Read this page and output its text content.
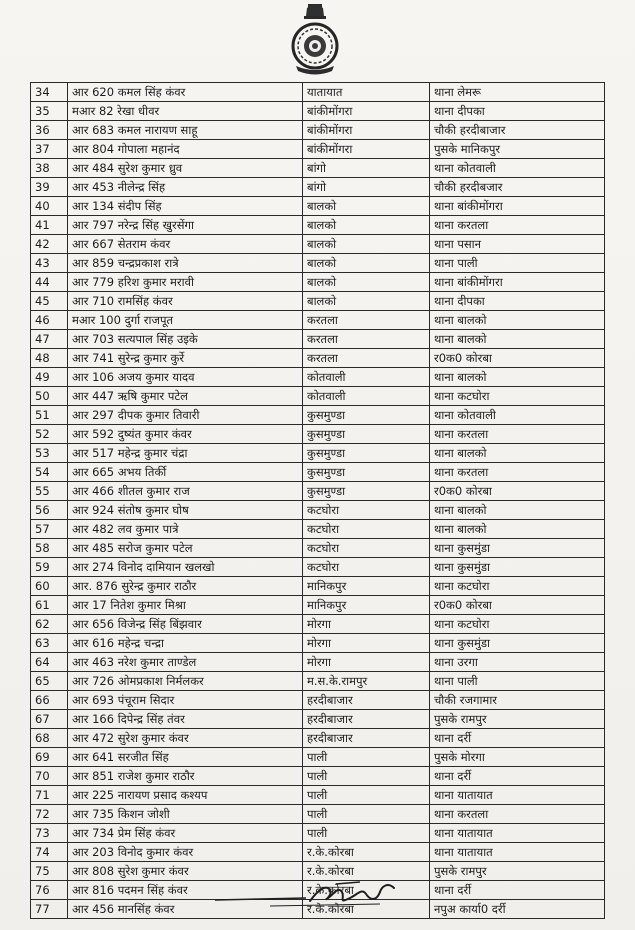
34	आर 620 कमल सिंह कंवर	यातायात	थाना लेमरू
35	मआर 82 रेखा धीवर	बांकीमोंगरा	थाना दीपका
36	आर 683 कमल नारायण साहू	बांकीमोंगरा	चौकी हरदीबाजार
37	आर 804 गोपाला महानंद	बांकीमोंगरा	पुसके मानिकपुर
38	आर 484 सुरेश कुमार ध्रुव	बांगो	थाना कोतवाली
39	आर 453 नीलेन्द्र सिंह	बांगो	चौकी हरदीबजार
40	आर 134 संदीप सिंह	बालको	थाना बांकीमोंगरा
41	आर 797 नरेन्द्र सिंह खुरसेंगा	बालको	थाना करतला
42	आर 667 सेतराम कंवर	बालको	थाना पसान
43	आर 859 चन्द्रप्रकाश रात्रे	बालको	थाना पाली
44	आर 779 हरिश कुमार मरावी	बालको	थाना बांकीमोंगरा
45	आर 710 रामसिंह कंवर	बालको	थाना दीपका
46	मआर 100 दुर्गा राजपूत	करतला	थाना बालको
47	आर 703 सत्यपाल सिंह उइके	करतला	थाना बालको
48	आर 741 सुरेन्द्र कुमार कुर्रे	करतला	र0क0 कोरबा
49	आर 106 अजय कुमार यादव	कोतवाली	थाना बालको
50	आर 447 ऋषि कुमार पटेल	कोतवाली	थाना कटघोरा
51	आर 297 दीपक कुमार तिवारी	कुसमुण्डा	थाना कोतवाली
52	आर 592 दुष्यंत कुमार कंवर	कुसमुण्डा	थाना करतला
53	आर 517 महेन्द्र कुमार चंद्रा	कुसमुण्डा	थाना बालको
54	आर 665 अभय तिर्की	कुसमुण्डा	थाना करतला
55	आर 466 शीतल कुमार राज	कुसमुण्डा	र0क0 कोरबा
56	आर 924 संतोष कुमार घोष	कटघोरा	थाना बालको
57	आर 482 लव कुमार पात्रे	कटघोरा	थाना बालको
58	आर 485 सरोज कुमार पटेल	कटघोरा	थाना कुसमुंडा
59	आर 274 विनोद दामियान खलखो	कटघोरा	थाना कुसमुंडा
60	आर. 876 सुरेन्द्र कुमार राठौर	मानिकपुर	थाना कटघोरा
61	आर 17 नितेश कुमार मिश्रा	मानिकपुर	र0क0 कोरबा
62	आर 656 विजेन्द्र सिंह बिंझवार	मोरगा	थाना कटघोरा
63	आर 616 महेन्द्र चन्द्रा	मोरगा	थाना कुसमुंडा
64	आर 463 नरेश कुमार ताण्डेल	मोरगा	थाना उरगा
65	आर 726 ओमप्रकाश निर्मलकर	म.स.के.रामपुर	थाना पाली
66	आर 693 पंचूराम सिदार	हरदीबाजार	चौकी रजगामार
67	आर 166 दिपेन्द्र सिंह तंवर	हरदीबाजार	पुसके रामपुर
68	आर 472 सुरेश कुमार कंवर	हरदीबाजार	थाना दर्री
69	आर 641 सरजीत सिंह	पाली	पुसके मोरगा
70	आर 851 राजेश कुमार राठौर	पाली	थाना दर्री
71	आर 225 नारायण प्रसाद कश्यप	पाली	थाना यातायात
72	आर 735 किशन जोशी	पाली	थाना करतला
73	आर 734 प्रेम सिंह कंवर	पाली	थाना यातायात
74	आर 203 विनोद कुमार कंवर	र.के.कोरबा	थाना यातायात
75	आर 808 सुरेश कुमार कंवर	र.के.कोरबा	पुसके रामपुर
76	आर 816 पदमन सिंह कंवर	र.के.कोरबा	थाना दर्री
77	आर 456 मानसिंह कंवर	र.के.कोरबा	नपुअ कार्या0 दर्री
